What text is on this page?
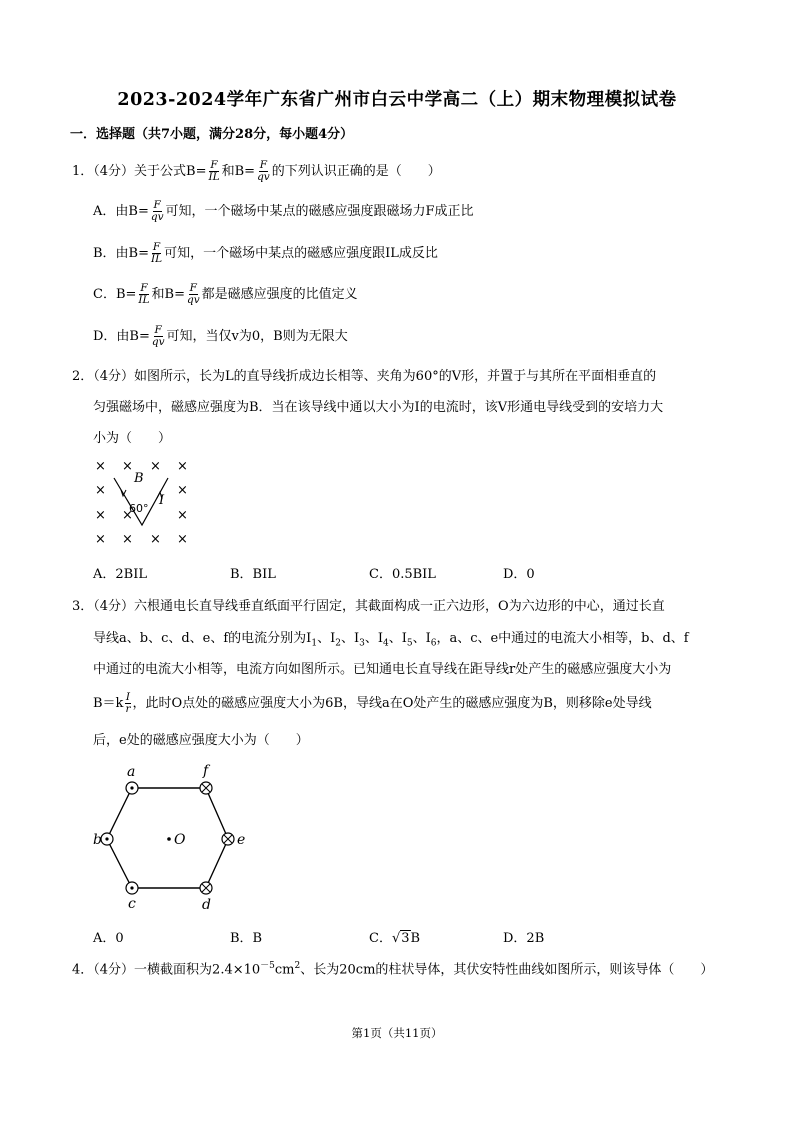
2023-2024学年广东省广州市白云中学高二（上）期末物理模拟试卷
一．选择题（共7小题，满分28分，每小题4分）
1．（4分）关于公式$B= \frac{F}{IL}$ 和$B= \frac{F}{qv}$ 的下列认识正确的是（　　）
A．由$B= \frac{F}{qv}$ 可知，一个磁场中某点的磁感应强度跟磁场力F成正比
B．由$B= \frac{F}{IL}$ 可知，一个磁场中某点的磁感应强度跟IL成反比
C．$B= \frac{F}{IL}$ 和$B= \frac{F}{qv}$ 都是磁感应强度的比值定义
D．由$B= \frac{F}{qv}$ 可知，当仅v为0，B则为无限大
2．（4分）如图所示，长为L的直导线折成边长相等、夹角为60°的V形，并置于与其所在平面相垂直的
匀强磁场中，磁感应强度为B．当在该导线中通以大小为I的电流时，该V形通电导线受到的安培力大
小为（　　）
× × × ×
×	×
× ×	×
× × × ×
B
I
60°
A．2BIL	B．BIL	C．0.5BIL	D．0
3．（4分）六根通电长直导线垂直纸面平行固定，其截面构成一正六边形，O为六边形的中心，通过长直
导线a、b、c、d、e、f的电流分别为$I_1$、$I_2$、$I_3$、$I_4$、$I_5$、$I_6$，a、c、e中通过的电流大小相等，b、d、f
中通过的电流大小相等，电流方向如图所示。已知通电长直导线在距导线r处产生的磁感应强度大小为
$B=k \frac{I}{r}$ ，此时O点处的磁感应强度大小为6B，导线a在O处产生的磁感应强度为B，则移除e处导线
后，e处的磁感应强度大小为（　　）
a	f
b	e
c	d
O
A．0	B．B	C．√3B	D．2B
4．（4分）一横截面积为$2.4\times 10^{-5}cm^2$、长为20cm的柱状导体，其伏安特性曲线如图所示，则该导体（　　）
第1页（共11页）
